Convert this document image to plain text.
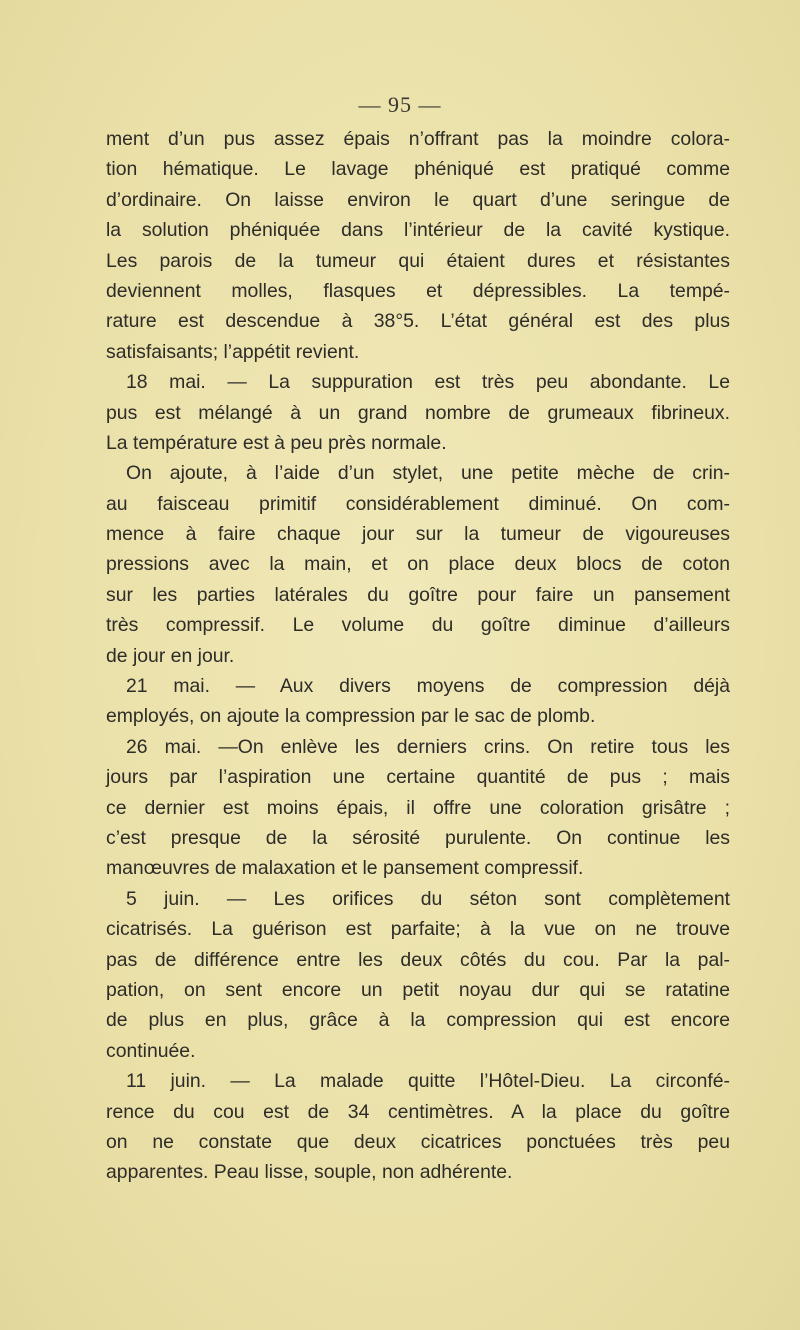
— 95 —
ment d’un pus assez épais n’offrant pas la moindre colora-
tion hématique. Le lavage phéniqué est pratiqué comme
d’ordinaire. On laisse environ le quart d’une seringue de
la solution phéniquée dans l’intérieur de la cavité kystique.
Les parois de la tumeur qui étaient dures et résistantes
deviennent molles, flasques et dépressibles. La tempé-
rature est descendue à 38°5. L’état général est des plus
satisfaisants; l’appétit revient.
18 mai. — La suppuration est très peu abondante. Le
pus est mélangé à un grand nombre de grumeaux fibrineux.
La température est à peu près normale.
On ajoute, à l’aide d’un stylet, une petite mèche de crin-
au faisceau primitif considérablement diminué. On com-
mence à faire chaque jour sur la tumeur de vigoureuses
pressions avec la main, et on place deux blocs de coton
sur les parties latérales du goître pour faire un pansement
très compressif. Le volume du goître diminue d’ailleurs
de jour en jour.
21 mai. — Aux divers moyens de compression déjà
employés, on ajoute la compression par le sac de plomb.
26 mai. —On enlève les derniers crins. On retire tous les
jours par l’aspiration une certaine quantité de pus ; mais
ce dernier est moins épais, il offre une coloration grisâtre ;
c’est presque de la sérosité purulente. On continue les
manœuvres de malaxation et le pansement compressif.
5 juin. — Les orifices du séton sont complètement
cicatrisés. La guérison est parfaite; à la vue on ne trouve
pas de différence entre les deux côtés du cou. Par la pal-
pation, on sent encore un petit noyau dur qui se ratatine
de plus en plus, grâce à la compression qui est encore
continuée.
11 juin. — La malade quitte l’Hôtel-Dieu. La circonfé-
rence du cou est de 34 centimètres. A la place du goître
on ne constate que deux cicatrices ponctuées très peu
apparentes. Peau lisse, souple, non adhérente.
